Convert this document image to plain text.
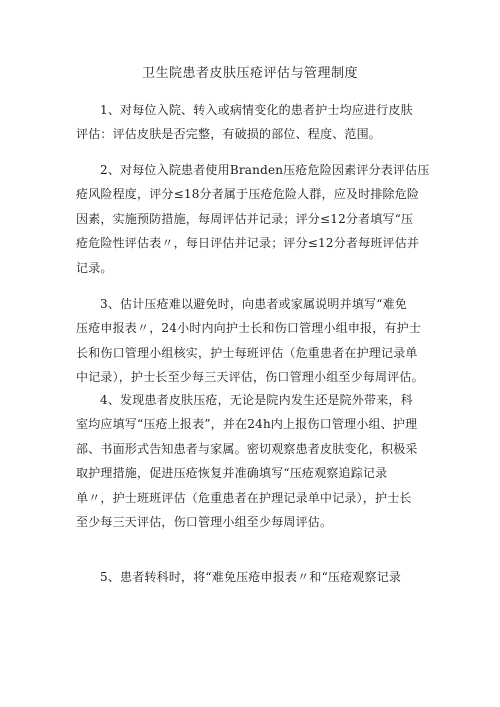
卫生院患者皮肤压疮评估与管理制度

1、对每位入院、转入或病情变化的患者护士均应进行皮肤
评估：评估皮肤是否完整，有破损的部位、程度、范围。

2、对每位入院患者使用Branden压疮危险因素评分表评估压
疮风险程度，评分≤18分者属于压疮危险人群，应及时排除危险
因素，实施预防措施，每周评估并记录；评分≤12分者填写“压
疮危险性评估表〃，每日评估并记录；评分≤12分者每班评估并
记录。

3、估计压疮难以避免时，向患者或家属说明并填写“难免
压疮申报表〃，24小时内向护士长和伤口管理小组申报，有护士
长和伤口管理小组核实，护士每班评估（危重患者在护理记录单
中记录），护士长至少每三天评估，伤口管理小组至少每周评估。

4、发现患者皮肤压疮，无论是院内发生还是院外带来，科
室均应填写“压疮上报表”，并在24h内上报伤口管理小组、护理
部、书面形式告知患者与家属。密切观察患者皮肤变化，积极采
取护理措施，促进压疮恢复并准确填写“压疮观察追踪记录
单〃，护士班班评估（危重患者在护理记录单中记录），护士长
至少每三天评估，伤口管理小组至少每周评估。

5、患者转科时，将“难免压疮申报表〃和“压疮观察记录
